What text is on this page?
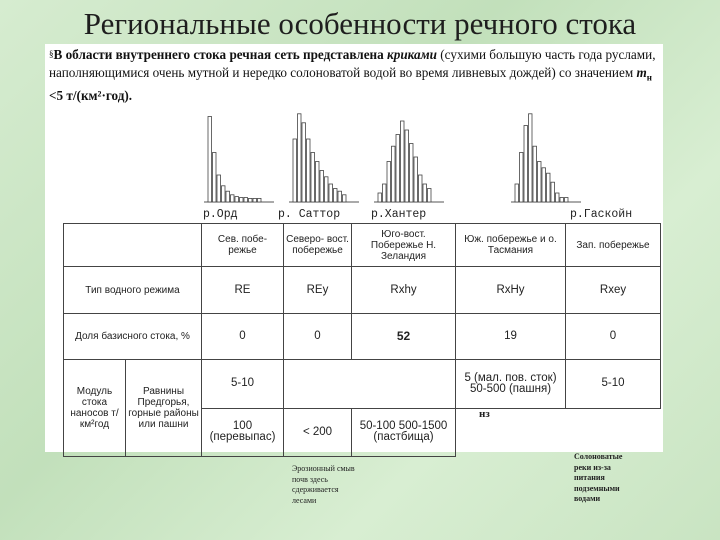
Региональные особенности речного стока
§В области внутреннего стока речная сеть представлена криками (сухими большую часть года руслами, наполняющимися очень мутной и нередко солоноватой водой во время ливневых дождей) со значением $m_н <5$ т/(км²·год).
р.Орд	р. Саттор	р.Хантер	р.Гаскойн
		Сев. побе- режье	Северо- вост. побережье	Юго-вост. Побережье Н. Зеландия	Юж. побережье и о. Тасмания	Зап. побережье
Тип водного режима		RE	REy	Rxhy	RxHy	Rxey
Доля базисного стока, %		0	0	52	19	0
Модуль стока наносов т/км²год	Равнины Предгорья, горные районы или пашни	5-10			5 (мал. пов. сток) 50-500 (пашня)	5-10
		100 (перевыпас)	< 200	50-100 500-1500 (пастбища)		
нз
Эрозионный смыв почв здесь сдерживается лесами
Солоноватые реки из-за питания подземными водами
